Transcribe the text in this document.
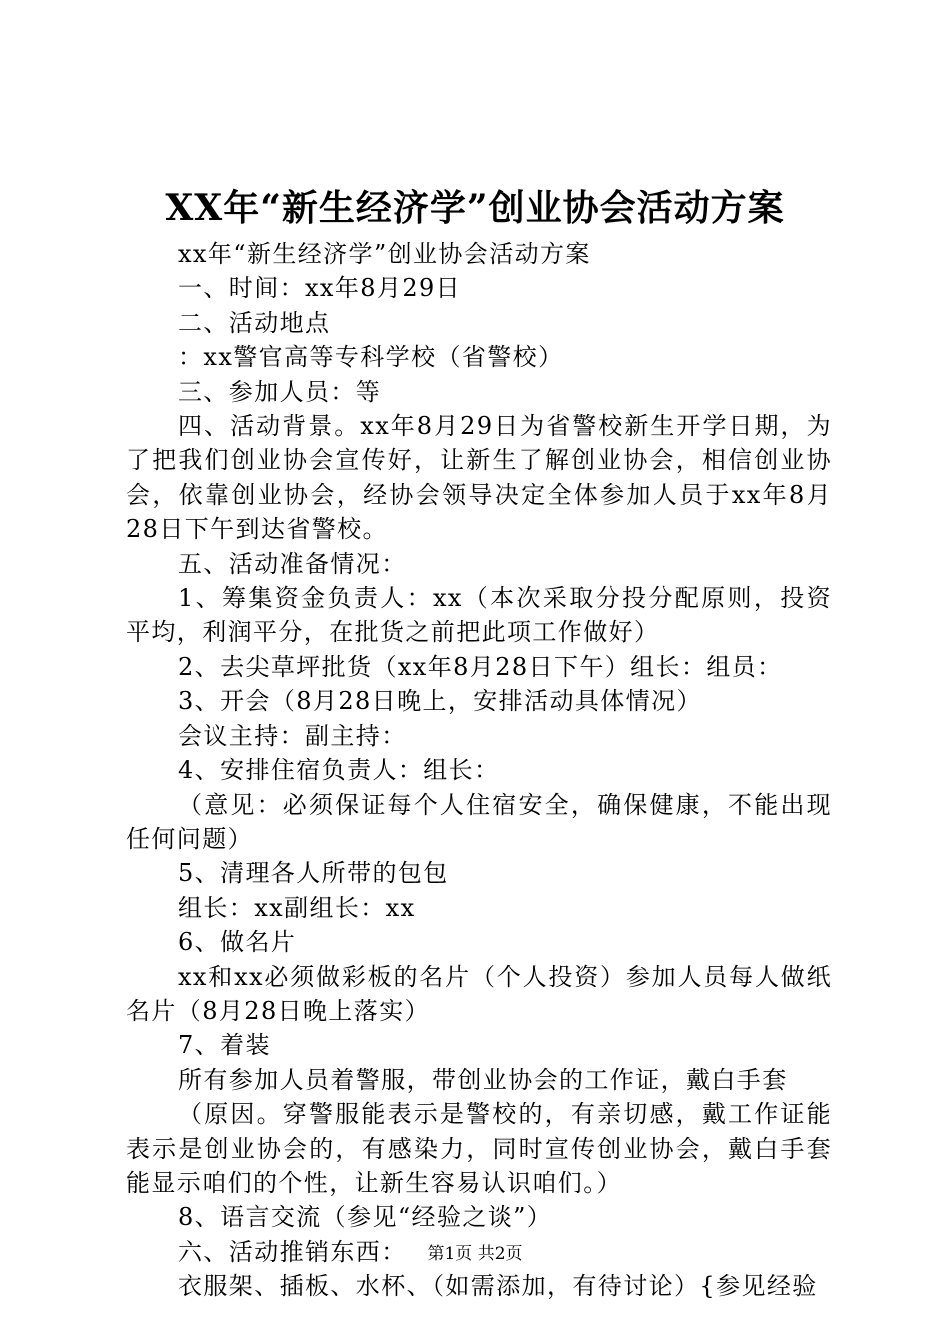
XX年“新生经济学”创业协会活动方案

xx年“新生经济学”创业协会活动方案

一、时间：xx年8月29日

二、活动地点

：xx警官高等专科学校（省警校）

三、参加人员：等

四、活动背景。xx年8月29日为省警校新生开学日期，为了把我们创业协会宣传好，让新生了解创业协会，相信创业协会，依靠创业协会，经协会领导决定全体参加人员于xx年8月28日下午到达省警校。

五、活动准备情况：

1、筹集资金负责人：xx（本次采取分投分配原则，投资平均，利润平分，在批货之前把此项工作做好）

2、去尖草坪批货（xx年8月28日下午）组长：组员：

3、开会（8月28日晚上，安排活动具体情况）

会议主持：副主持：

4、安排住宿负责人：组长：

（意见：必须保证每个人住宿安全，确保健康，不能出现任何问题）

5、清理各人所带的包包

组长：xx副组长：xx

6、做名片

xx和xx必须做彩板的名片（个人投资）参加人员每人做纸名片（8月28日晚上落实）

7、着装

所有参加人员着警服，带创业协会的工作证，戴白手套

（原因。穿警服能表示是警校的，有亲切感，戴工作证能表示是创业协会的，有感染力，同时宣传创业协会，戴白手套能显示咱们的个性，让新生容易认识咱们。）

8、语言交流（参见“经验之谈”）

六、活动推销东西：

衣服架、插板、水杯、（如需添加，有待讨论）{参见经验

第1页 共2页
